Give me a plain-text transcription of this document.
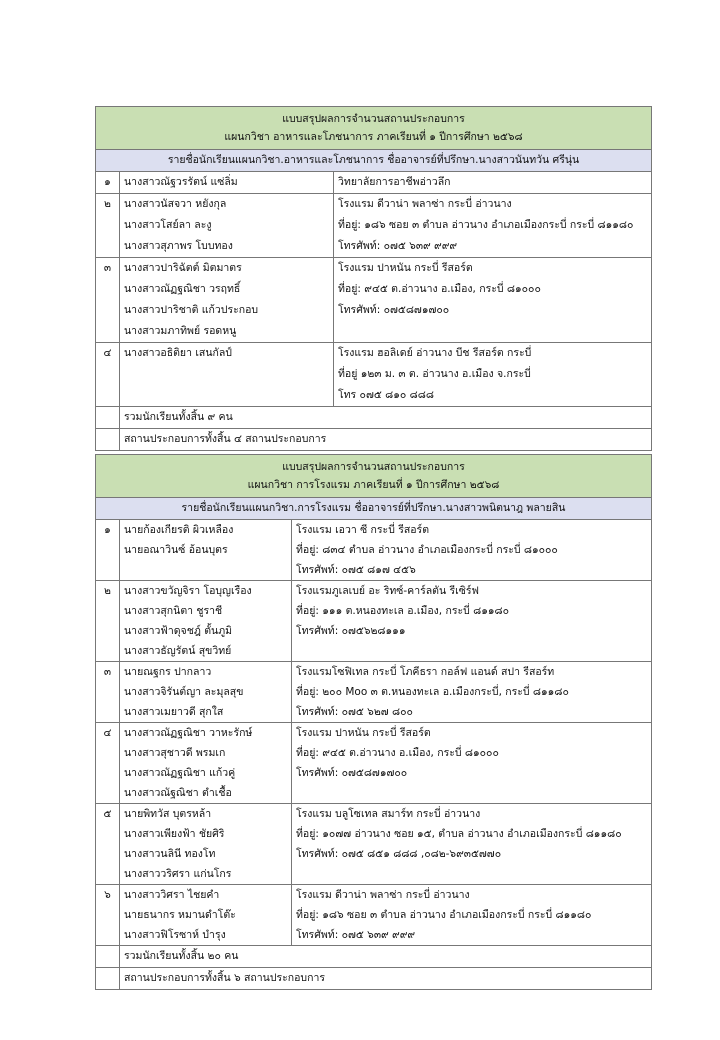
แบบสรุปผลการจำนวนสถานประกอบการ
แผนกวิชา อาหารและโภชนาการ ภาคเรียนที่ ๑ ปีการศึกษา ๒๕๖๘		

รายชื่อนักเรียนแผนกวิชา.อาหารและโภชนาการ ชื่ออาจารย์ที่ปรึกษา.นางสาวนันทวัน ศรีนุ่น		
๑	นางสาวณัฐวรรัตน์ แซ่ลิ่ม	วิทยาลัยการอาชีพอ่าวลึก

๒	นางสาวนัสจวา หยังกุล
นางสาวโสย์ลา ละงู
นางสาวสุภาพร โบบทอง	โรงแรม ดีวาน่า พลาซ่า กระบี่ อ่าวนาง
ที่อยู่: ๑๘๖ ซอย ๓ ตำบล อ่าวนาง อำเภอเมืองกระบี่ กระบี่ ๘๑๑๘๐
โทรศัพท์: ๐๗๕ ๖๓๙ ๙๙๙

๓	นางสาวปาริฉัตต์ มิตมาตร
นางสาวณัฏฐณิชา วรฤทธิ์
นางสาวปาริชาติ แก้วประกอบ
นางสาวมภาทิพย์ รอดหนู	โรงแรม ปาหนัน กระบี่ รีสอร์ต
ที่อยู่: ๙๔๕ ต.อ่าวนาง อ.เมือง, กระบี่ ๘๑๐๐๐
โทรศัพท์: ๐๗๕๘๗๑๗๐๐

๔	นางสาวอธิติยา เสนกัลป์	โรงแรม ฮอลิเดย์ อ่าวนาง บีช รีสอร์ต กระบี่
ที่อยู่ ๑๒๓ ม. ๓ ต. อ่าวนาง อ.เมือง จ.กระบี่
โทร ๐๗๕ ๘๑๐ ๘๘๘

	รวมนักเรียนทั้งสิ้น ๙ คน	
	สถานประกอบการทั้งสิ้น ๔ สถานประกอบการ	
แบบสรุปผลการจำนวนสถานประกอบการ
แผนกวิชา การโรงแรม ภาคเรียนที่ ๑ ปีการศึกษา ๒๕๖๘		

รายชื่อนักเรียนแผนกวิชา.การโรงแรม ชื่ออาจารย์ที่ปรึกษา.นางสาวพนิตนาฎ พลายสิน		
๑	นายก้องเกียรติ ผิวเหลือง
นายอณาวินซ์ อ้อนบุตร	โรงแรม เอวา ซี กระบี่ รีสอร์ต
ที่อยู่: ๘๓๔ ตำบล อ่าวนาง อำเภอเมืองกระบี่ กระบี่ ๘๑๐๐๐
โทรศัพท์: ๐๗๕ ๘๑๗ ๔๕๖

๒	นางสาวขวัญจิรา โอบุญเรือง
นางสาวสุกนิตา ชูราชี
นางสาวฟ้าดุจชฎ์ ตั้นภูมิ
นางสาวธัญรัตน์ สุขวิทย์	โรงแรมภูเลเบย์ อะ ริทซ์-คาร์ลตัน รีเซิร์ฟ
ที่อยู่: ๑๑๑ ต.หนองทะเล อ.เมือง, กระบี่ ๘๑๑๘๐
โทรศัพท์: ๐๗๕๖๒๘๑๑๑

๓	นายณฐกร ปากลาว
นางสาวจิรันต์ญา ละมุลสุข
นางสาวเมยาวดี สุกใส	โรงแรมโซฟิเทล กระบี่ โภคีธรา กอล์ฟ แอนด์ สปา รีสอร์ท
ที่อยู่: ๒๐๐ Moo ๓ ต.หนองทะเล อ.เมืองกระบี่, กระบี่ ๘๑๑๘๐
โทรศัพท์: ๐๗๕ ๖๒๗ ๘๐๐

๔	นางสาวณัฏฐณิชา วาหะรักษ์
นางสาวสุชาวดี พรมเก
นางสาวณัฏฐณิชา แก้วคู่
นางสาวณัฐณิชา ตำเชื้อ	โรงแรม ปาหนัน กระบี่ รีสอร์ต
ที่อยู่: ๙๔๕ ต.อ่าวนาง อ.เมือง, กระบี่ ๘๑๐๐๐
โทรศัพท์: ๐๗๕๘๗๑๗๐๐

๕	นายพิทวัส บุตรหล้า
นางสาวเพียงฟ้า ชัยศิริ
นางสาวนลินี ทองโท
นางสาววริศรา แก่นโกร	โรงแรม บลูโซเทล สมาร์ท กระบี่ อ่าวนาง
ที่อยู่: ๑๐๗๗ อ่าวนาง ซอย ๑๕, ตำบล อ่าวนาง อำเภอเมืองกระบี่ ๘๑๑๘๐
โทรศัพท์: ๐๗๕ ๘๕๑ ๘๘๘ ,๐๘๒-๖๙๓๕๗๗๐

๖	นางสาววิศรา ไชยคำ
นายธนากร หมานดำโต๊ะ
นางสาวฟิโรซาห์ บำรุง	โรงแรม ดีวาน่า พลาซ่า กระบี่ อ่าวนาง
ที่อยู่: ๑๘๖ ซอย ๓ ตำบล อ่าวนาง อำเภอเมืองกระบี่ กระบี่ ๘๑๑๘๐
โทรศัพท์: ๐๗๕ ๖๓๙ ๙๙๙

	รวมนักเรียนทั้งสิ้น ๒๐ คน	
	สถานประกอบการทั้งสิ้น ๖ สถานประกอบการ	
